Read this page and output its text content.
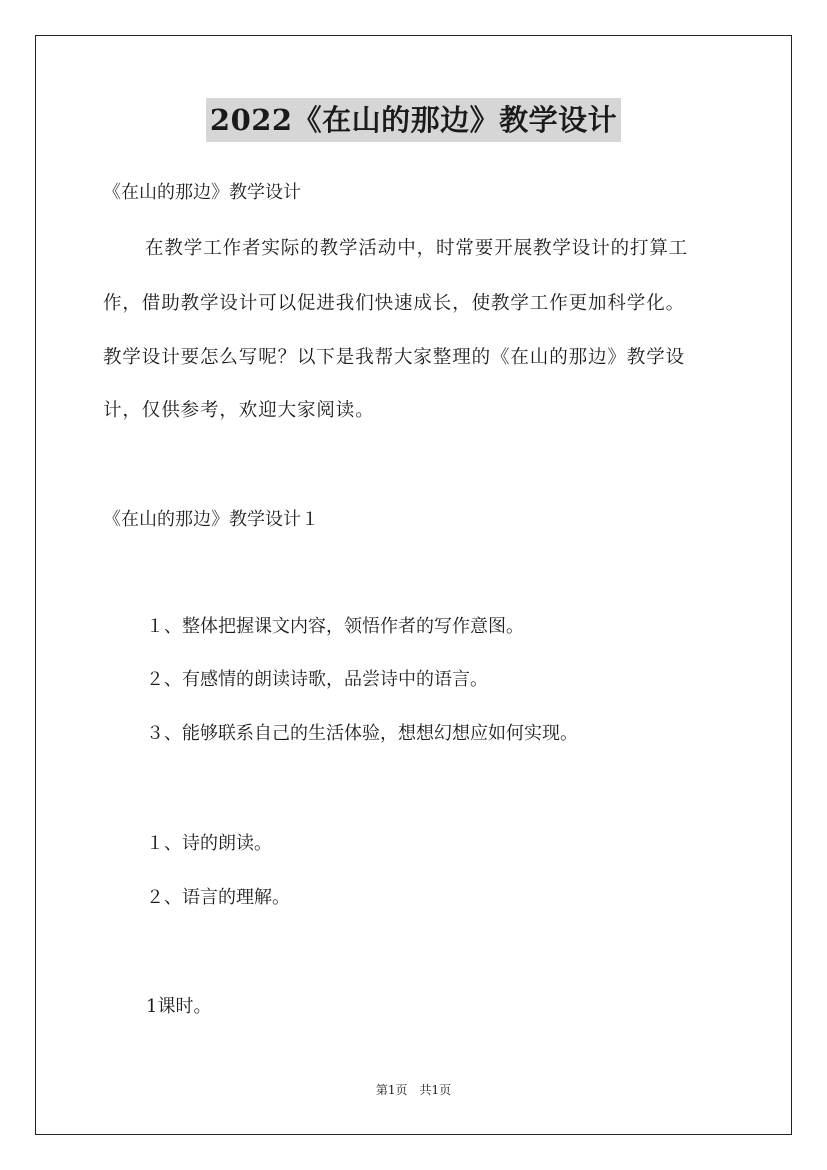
2022《在山的那边》教学设计
《在山的那边》教学设计
在教学工作者实际的教学活动中，时常要开展教学设计的打算工
作，借助教学设计可以促进我们快速成长，使教学工作更加科学化。
教学设计要怎么写呢？以下是我帮大家整理的《在山的那边》教学设
计，仅供参考，欢迎大家阅读。
《在山的那边》教学设计１
１、整体把握课文内容，领悟作者的写作意图。
２、有感情的朗读诗歌，品尝诗中的语言。
３、能够联系自己的生活体验，想想幻想应如何实现。
１、诗的朗读。
２、语言的理解。
1课时。
第1页　共1页
